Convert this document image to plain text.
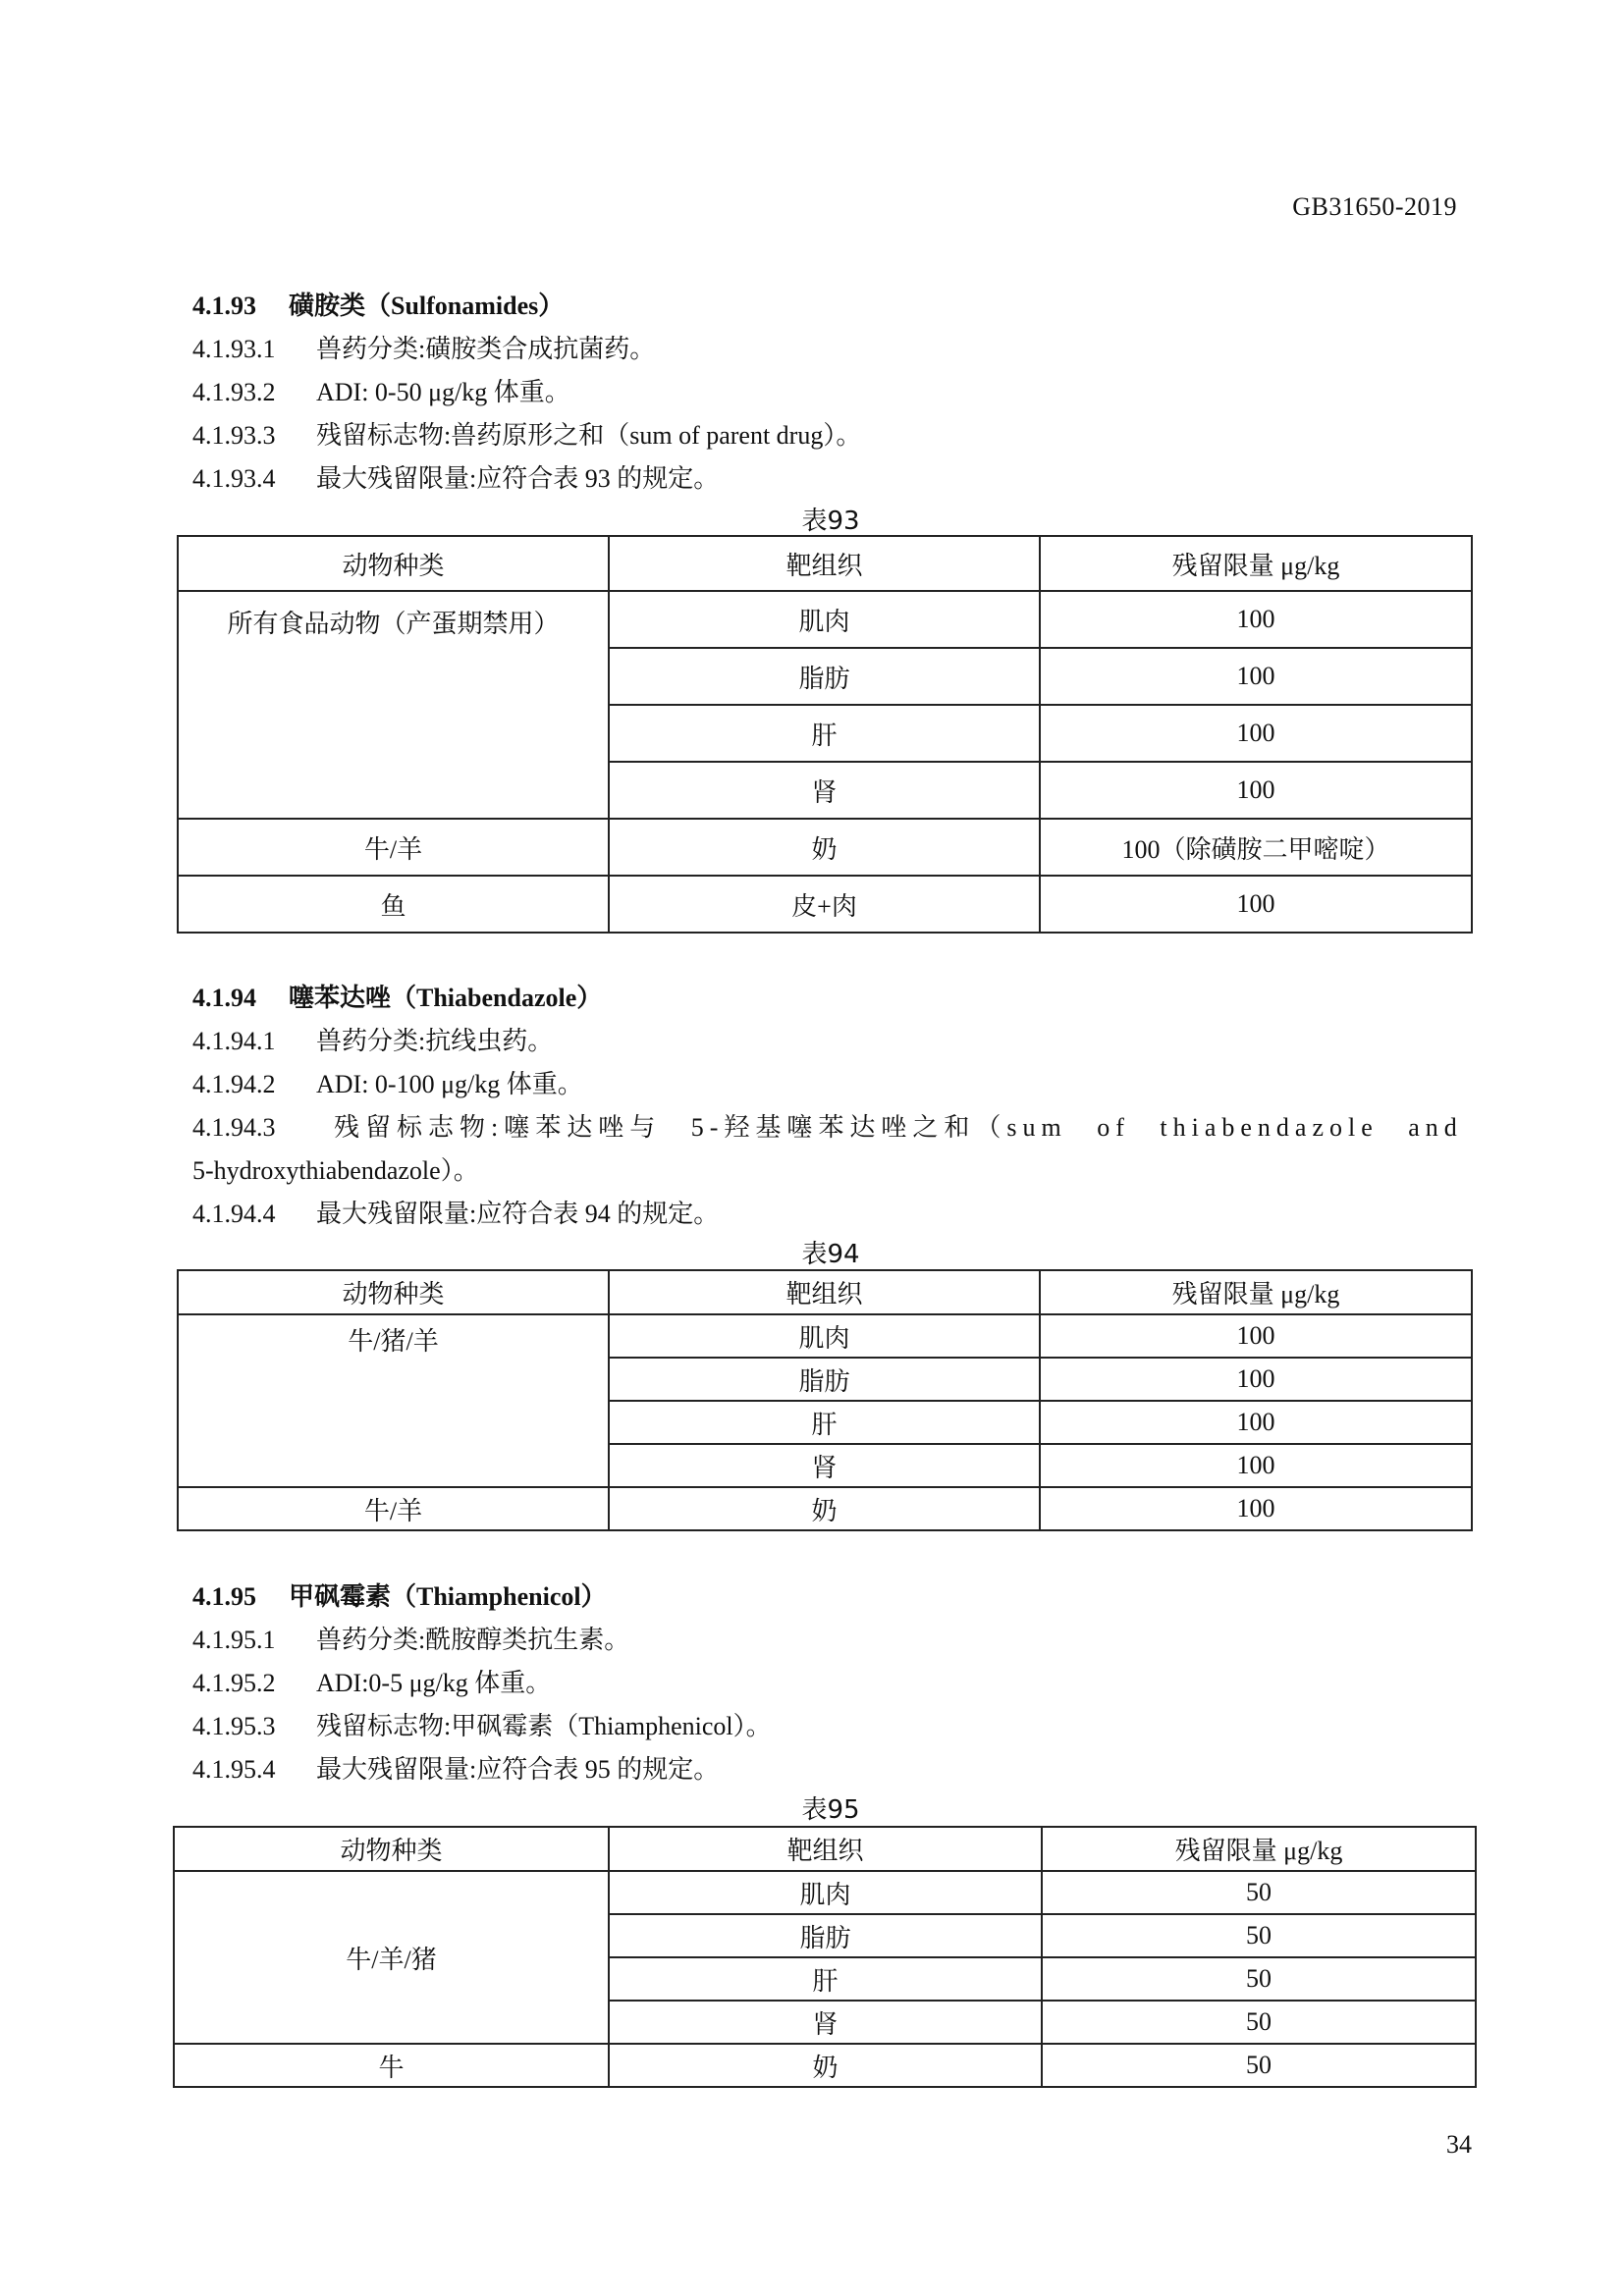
GB31650-2019
4.1.93 磺胺类（Sulfonamides）
4.1.93.1 兽药分类:磺胺类合成抗菌药。
4.1.93.2 ADI: 0-50 μg/kg 体重。
4.1.93.3 残留标志物:兽药原形之和（sum of parent drug）。
4.1.93.4 最大残留限量:应符合表 93 的规定。
表93
动物种类	靶组织	残留限量 μg/kg
所有食品动物（产蛋期禁用）	肌肉	100
	脂肪	100
	肝	100
	肾	100
牛/羊	奶	100（除磺胺二甲嘧啶）
鱼	皮+肉	100
4.1.94 噻苯达唑（Thiabendazole）
4.1.94.1 兽药分类:抗线虫药。
4.1.94.2 ADI: 0-100 μg/kg 体重。
4.1.94.3 残留标志物:噻苯达唑与 5-羟基噻苯达唑之和（sum of thiabendazole and
5-hydroxythiabendazole）。
4.1.94.4 最大残留限量:应符合表 94 的规定。
表94
动物种类	靶组织	残留限量 μg/kg
牛/猪/羊	肌肉	100
	脂肪	100
	肝	100
	肾	100
牛/羊	奶	100
4.1.95 甲砜霉素（Thiamphenicol）
4.1.95.1 兽药分类:酰胺醇类抗生素。
4.1.95.2 ADI:0-5 μg/kg 体重。
4.1.95.3 残留标志物:甲砜霉素（Thiamphenicol）。
4.1.95.4 最大残留限量:应符合表 95 的规定。
表95
动物种类	靶组织	残留限量 μg/kg
牛/羊/猪	肌肉	50
	脂肪	50
	肝	50
	肾	50
牛	奶	50
34
